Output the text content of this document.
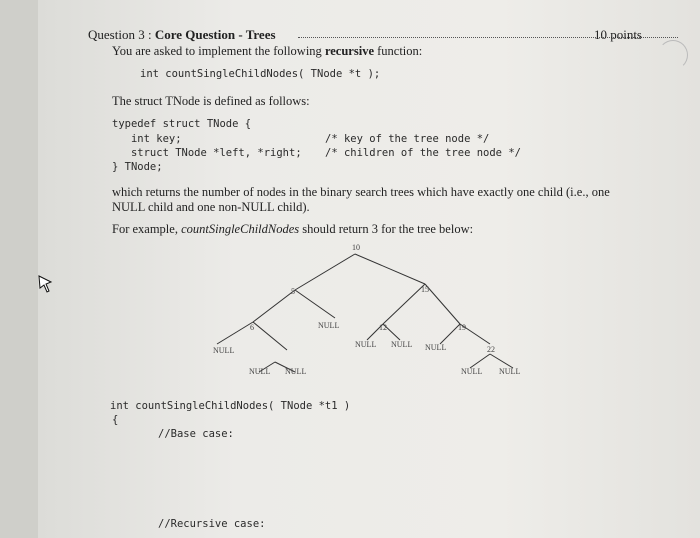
Question 3 : Core Question - Trees	10 points
You are asked to implement the following recursive function:
int countSingleChildNodes( TNode *t );
The struct TNode is defined as follows:
typedef struct TNode {
int key;
struct TNode *left, *right;
} TNode;
/* key of the tree node */
/* children of the tree node */
which returns the number of nodes in the binary search trees which have exactly one child (i.e., one
NULL child and one non-NULL child).
For example, countSingleChildNodes should return 3 for the tree below:
10
5	15
6	12	19
22
NULL
NULL
NULL NULL NULL
NULL NULL	NULL NULL
int countSingleChildNodes( TNode *t1 )
{
//Base case:
//Recursive case:
